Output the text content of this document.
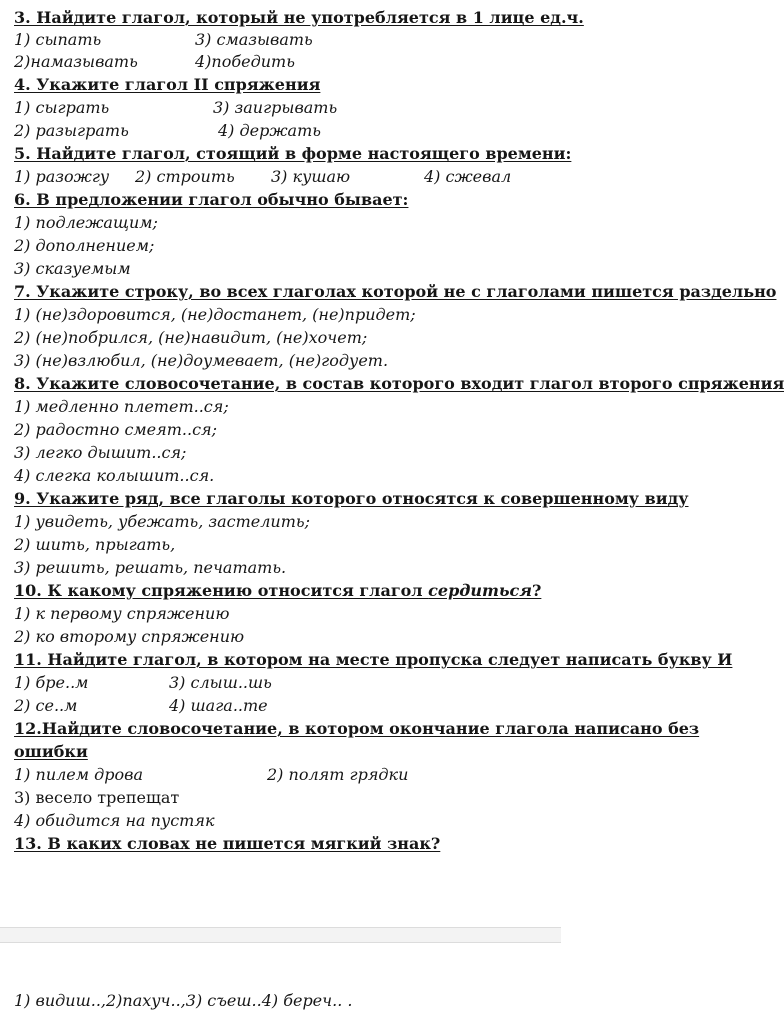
3. Найдите глагол, который не употребляется в 1 лице ед.ч.
1) сыпать	3) смазывать
2)намазывать	4)победить
4. Укажите глагол II спряжения
1) сыграть	3) заигрывать
2) разыграть	4) держать
5. Найдите глагол, стоящий в форме настоящего времени:
1) разожгу 2) строить 3) кушаю	4) сжевал
6. В предложении глагол обычно бывает:
1) подлежащим;
2) дополнением;
3) сказуемым
7. Укажите строку, во всех глаголах которой не с глаголами пишется раздельно
1) (не)здоровится, (не)достанет, (не)придет;
2) (не)побрился, (не)навидит, (не)хочет;
3) (не)взлюбил, (не)доумевает, (не)годует.
8. Укажите словосочетание, в состав которого входит глагол второго спряжения
1) медленно плетет..ся;
2) радостно смеят..ся;
3) легко дышит..ся;
4) слегка колышит..ся.
9. Укажите ряд, все глаголы которого относятся к совершенному виду
1) увидеть, убежать, застелить;
2) шить, прыгать,
3) решить, решать, печатать.
10. К какому спряжению относится глагол сердиться?
1) к первому спряжению
2) ко второму спряжению
11. Найдите глагол, в котором на месте пропуска следует написать букву И
1) бре..м	3) слыш..шь
2) се..м	4) шага..те
12.Найдите словосочетание, в котором окончание глагола написано без
ошибки
1) пилем дрова	2) полят грядки
3) весело трепещат
4) обидится на пустяк
13. В каких словах не пишется мягкий знак?
1) видиш..,2)пахуч..,3) съеш..4) береч.. .
